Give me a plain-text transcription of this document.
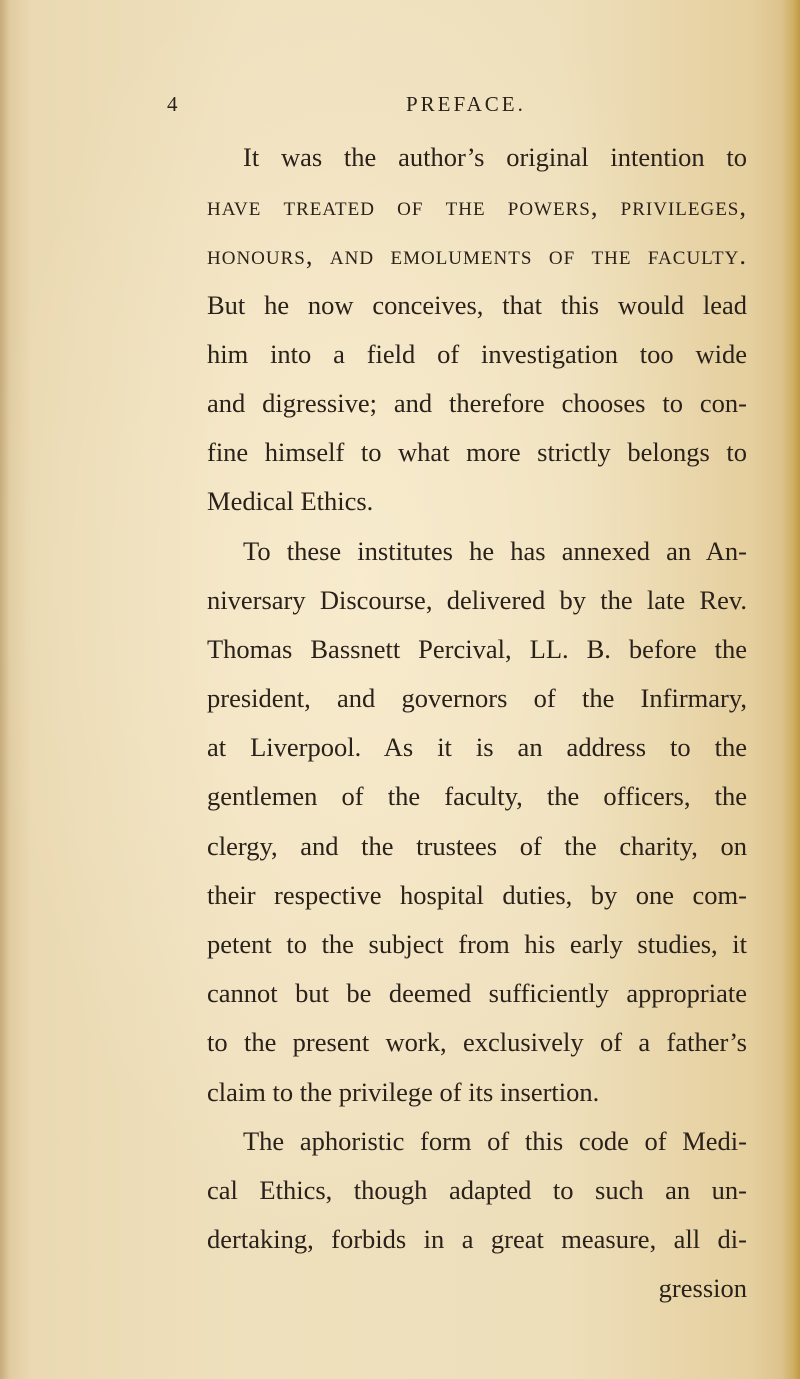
4	PREFACE.
It was the author’s original intention to
have treated of the powers, privileges,
honours, and emoluments of the faculty.
But he now conceives, that this would lead
him into a field of investigation too wide
and digressive; and therefore chooses to con-
fine himself to what more strictly belongs to
Medical Ethics.
To these institutes he has annexed an An-
niversary Discourse, delivered by the late Rev.
Thomas Bassnett Percival, LL. B. before the
president, and governors of the Infirmary,
at Liverpool. As it is an address to the
gentlemen of the faculty, the officers, the
clergy, and the trustees of the charity, on
their respective hospital duties, by one com-
petent to the subject from his early studies, it
cannot but be deemed sufficiently appropriate
to the present work, exclusively of a father’s
claim to the privilege of its insertion.
The aphoristic form of this code of Medi-
cal Ethics, though adapted to such an un-
dertaking, forbids in a great measure, all di-
gression
